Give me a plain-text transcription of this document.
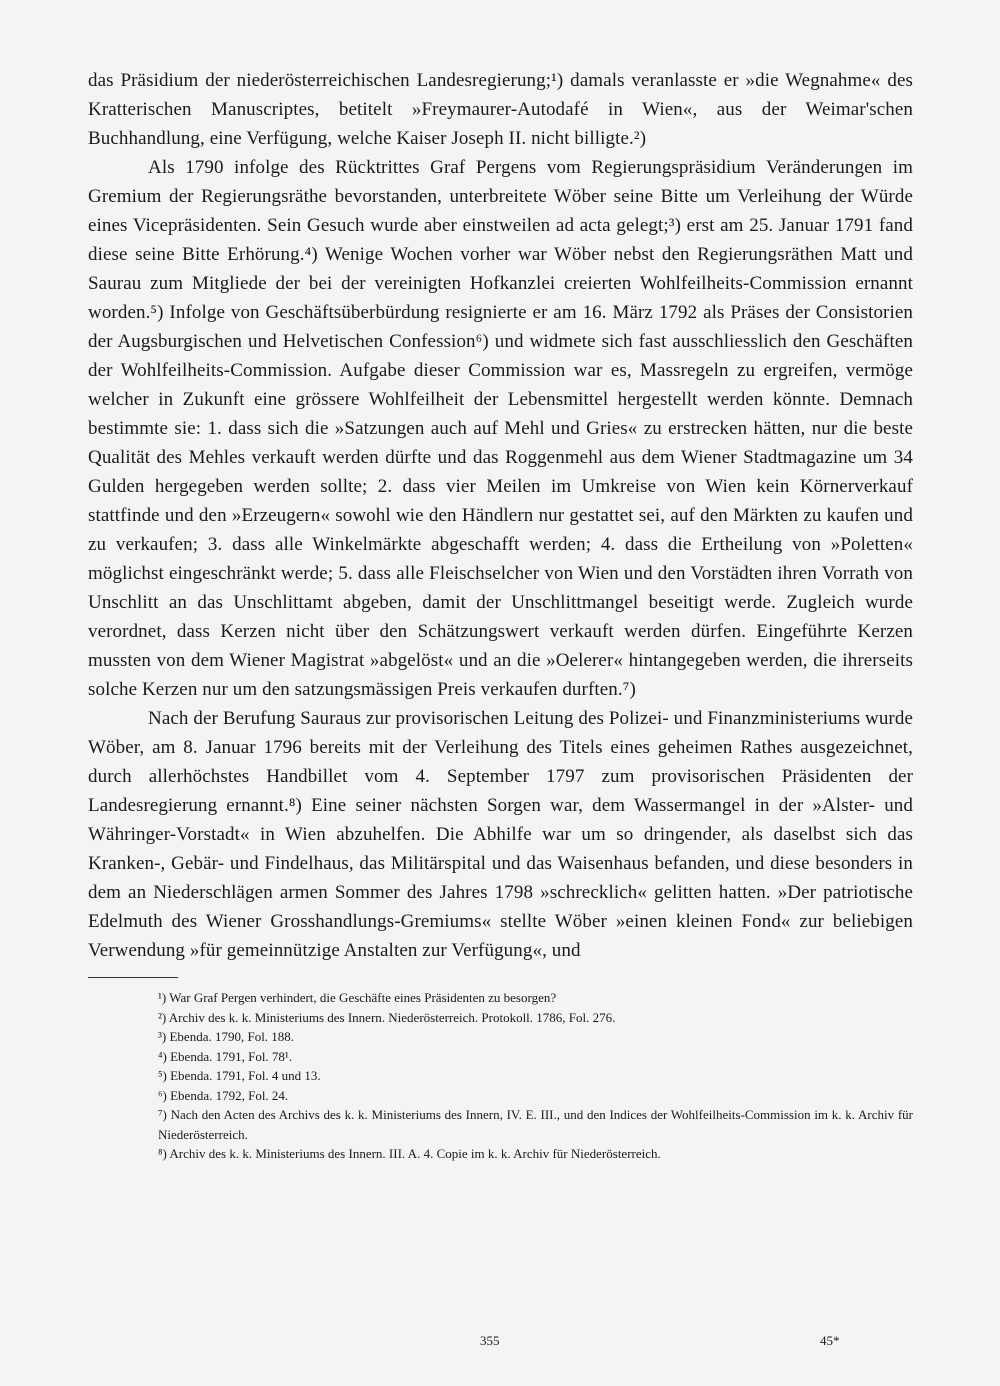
das Präsidium der niederösterreichischen Landesregierung;¹) damals veranlasste er »die Wegnahme« des Kratterischen Manuscriptes, betitelt »Freymaurer-Autodafé in Wien«, aus der Weimar'schen Buchhandlung, eine Verfügung, welche Kaiser Joseph II. nicht billigte.²)

Als 1790 infolge des Rücktrittes Graf Pergens vom Regierungspräsidium Veränderungen im Gremium der Regierungsräthe bevorstanden, unterbreitete Wöber seine Bitte um Verleihung der Würde eines Vicepräsidenten. Sein Gesuch wurde aber einstweilen ad acta gelegt;³) erst am 25. Januar 1791 fand diese seine Bitte Erhörung.⁴) Wenige Wochen vorher war Wöber nebst den Regierungsräthen Matt und Saurau zum Mitgliede der bei der vereinigten Hofkanzlei creierten Wohlfeilheits-Commission ernannt worden.⁵) Infolge von Geschäftsüberbürdung resignierte er am 16. März 1792 als Präses der Consistorien der Augsburgischen und Helvetischen Confession⁶) und widmete sich fast ausschliesslich den Geschäften der Wohlfeilheits-Commission. Aufgabe dieser Commission war es, Massregeln zu ergreifen, vermöge welcher in Zukunft eine grössere Wohlfeilheit der Lebensmittel hergestellt werden könnte. Demnach bestimmte sie: 1. dass sich die »Satzungen auch auf Mehl und Gries« zu erstrecken hätten, nur die beste Qualität des Mehles verkauft werden dürfte und das Roggenmehl aus dem Wiener Stadtmagazine um 34 Gulden hergegeben werden sollte; 2. dass vier Meilen im Umkreise von Wien kein Körnerverkauf stattfinde und den »Erzeugern« sowohl wie den Händlern nur gestattet sei, auf den Märkten zu kaufen und zu verkaufen; 3. dass alle Winkelmärkte abgeschafft werden; 4. dass die Ertheilung von »Poletten« möglichst eingeschränkt werde; 5. dass alle Fleischselcher von Wien und den Vorstädten ihren Vorrath von Unschlitt an das Unschlittamt abgeben, damit der Unschlittmangel beseitigt werde. Zugleich wurde verordnet, dass Kerzen nicht über den Schätzungswert verkauft werden dürfen. Eingeführte Kerzen mussten von dem Wiener Magistrat »abgelöst« und an die »Oelerer« hintangegeben werden, die ihrerseits solche Kerzen nur um den satzungsmässigen Preis verkaufen durften.⁷)

Nach der Berufung Sauraus zur provisorischen Leitung des Polizei- und Finanzministeriums wurde Wöber, am 8. Januar 1796 bereits mit der Verleihung des Titels eines geheimen Rathes ausgezeichnet, durch allerhöchstes Handbillet vom 4. September 1797 zum provisorischen Präsidenten der Landesregierung ernannt.⁸) Eine seiner nächsten Sorgen war, dem Wassermangel in der »Alster- und Währinger-Vorstadt« in Wien abzuhelfen. Die Abhilfe war um so dringender, als daselbst sich das Kranken-, Gebär- und Findelhaus, das Militärspital und das Waisenhaus befanden, und diese besonders in dem an Niederschlägen armen Sommer des Jahres 1798 »schrecklich« gelitten hatten. »Der patriotische Edelmuth des Wiener Grosshandlungs-Gremiums« stellte Wöber »einen kleinen Fond« zur beliebigen Verwendung »für gemeinnützige Anstalten zur Verfügung«, und

¹) War Graf Pergen verhindert, die Geschäfte eines Präsidenten zu besorgen?

²) Archiv des k. k. Ministeriums des Innern. Niederösterreich. Protokoll. 1786, Fol. 276.

³) Ebenda. 1790, Fol. 188.

⁴) Ebenda. 1791, Fol. 78¹.

⁵) Ebenda. 1791, Fol. 4 und 13.

⁶) Ebenda. 1792, Fol. 24.

⁷) Nach den Acten des Archivs des k. k. Ministeriums des Innern, IV. E. III., und den Indices der Wohlfeilheits-Commission im k. k. Archiv für Niederösterreich.

⁸) Archiv des k. k. Ministeriums des Innern. III. A. 4. Copie im k. k. Archiv für Niederösterreich.

355	45*
